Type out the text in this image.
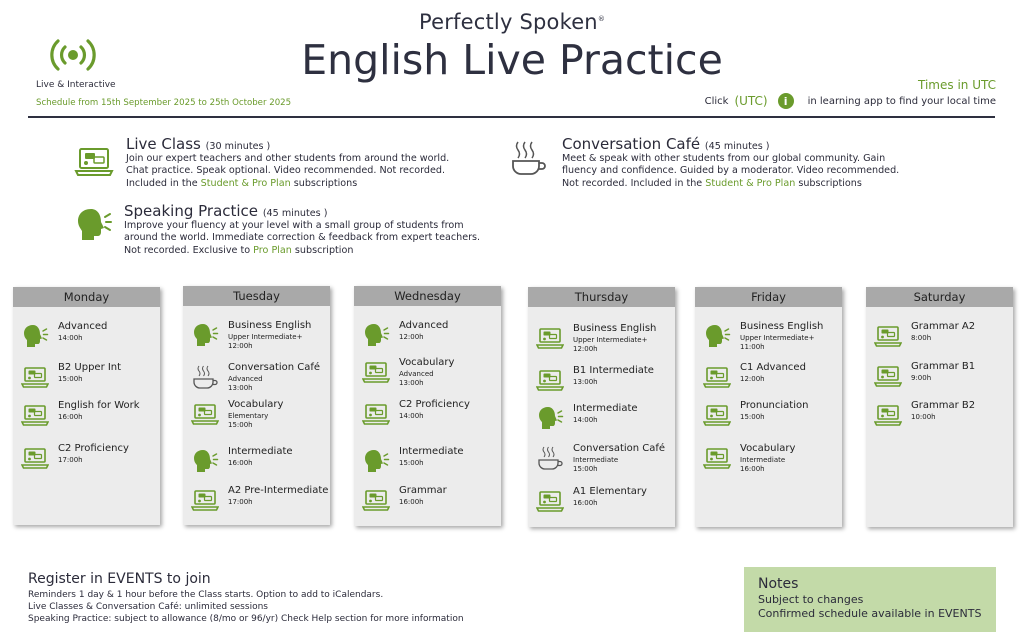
Perfectly Spoken®
English Live Practice
Live & Interactive
Schedule from 15th September 2025 to 25th October 2025
Times in UTC
Click (UTC)	i	in learning app to find your local time
Live Class (30 minutes )
Join our expert teachers and other students from around the world.
Chat practice. Speak optional. Video recommended. Not recorded.
Included in the Student & Pro Plan subscriptions
Conversation Café (45 minutes )
Meet & speak with other students from our global community. Gain
fluency and confidence. Guided by a moderator. Video recommended.
Not recorded. Included in the Student & Pro Plan subscriptions
Speaking Practice (45 minutes )
Improve your fluency at your level with a small group of students from
around the world. Immediate correction & feedback from expert teachers.
Not recorded. Exclusive to Pro Plan subscription
Monday
Advanced
14:00h
B2 Upper Int
15:00h
English for Work
16:00h
C2 Proficiency
17:00h
Tuesday
Business English
Upper Intermediate+
12:00h
Conversation Café
Advanced
13:00h
Vocabulary
Elementary
15:00h
Intermediate
16:00h
A2 Pre-Intermediate
17:00h
Wednesday
Advanced
12:00h
Vocabulary
Advanced
13:00h
C2 Proficiency
14:00h
Intermediate
15:00h
Grammar
16:00h
Thursday
Business English
Upper Intermediate+
12:00h
B1 Intermediate
13:00h
Intermediate
14:00h
Conversation Café
Intermediate
15:00h
A1 Elementary
16:00h
Friday
Business English
Upper Intermediate+
11:00h
C1 Advanced
12:00h
Pronunciation
15:00h
Vocabulary
Intermediate
16:00h
Saturday
Grammar A2
8:00h
Grammar B1
9:00h
Grammar B2
10:00h
Register in EVENTS to join
Reminders 1 day & 1 hour before the Class starts. Option to add to iCalendars.
Live Classes & Conversation Café: unlimited sessions
Speaking Practice: subject to allowance (8/mo or 96/yr) Check Help section for more information
Notes
Subject to changes
Confirmed schedule available in EVENTS
